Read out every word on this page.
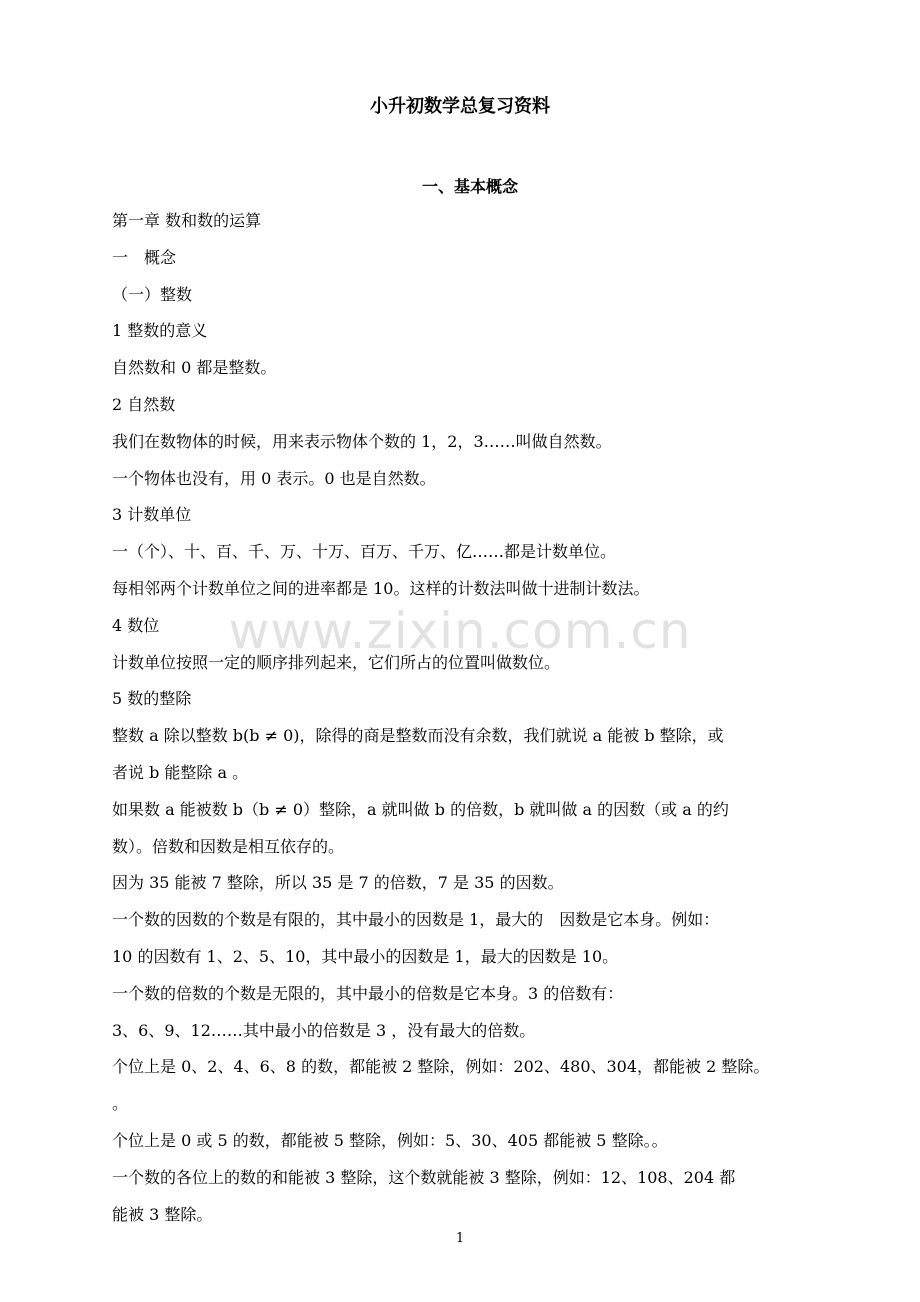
小升初数学总复习资料
一、基本概念
第一章 数和数的运算
一　概念
（一）整数
1 整数的意义
自然数和 0 都是整数。
2 自然数
我们在数物体的时候，用来表示物体个数的 1，2，3……叫做自然数。
一个物体也没有，用 0 表示。0 也是自然数。
3 计数单位
一（个）、十、百、千、万、十万、百万、千万、亿……都是计数单位。
每相邻两个计数单位之间的进率都是 10。这样的计数法叫做十进制计数法。
4 数位
计数单位按照一定的顺序排列起来，它们所占的位置叫做数位。
5 数的整除
整数 a 除以整数 b(b ≠ 0)，除得的商是整数而没有余数，我们就说 a 能被 b 整除，或
者说 b 能整除 a 。
如果数 a 能被数 b（b ≠ 0）整除，a 就叫做 b 的倍数，b 就叫做 a 的因数（或 a 的约
数）。倍数和因数是相互依存的。
因为 35 能被 7 整除，所以 35 是 7 的倍数，7 是 35 的因数。
一个数的因数的个数是有限的，其中最小的因数是 1，最大的　因数是它本身。例如：
10 的因数有 1、2、5、10，其中最小的因数是 1，最大的因数是 10。
一个数的倍数的个数是无限的，其中最小的倍数是它本身。3 的倍数有：
3、6、9、12……其中最小的倍数是 3 ，没有最大的倍数。
个位上是 0、2、4、6、8 的数，都能被 2 整除，例如：202、480、304，都能被 2 整除。
。
个位上是 0 或 5 的数，都能被 5 整除，例如：5、30、405 都能被 5 整除。。
一个数的各位上的数的和能被 3 整除，这个数就能被 3 整除，例如：12、108、204 都
能被 3 整除。
www.zixin.com.cn
1
